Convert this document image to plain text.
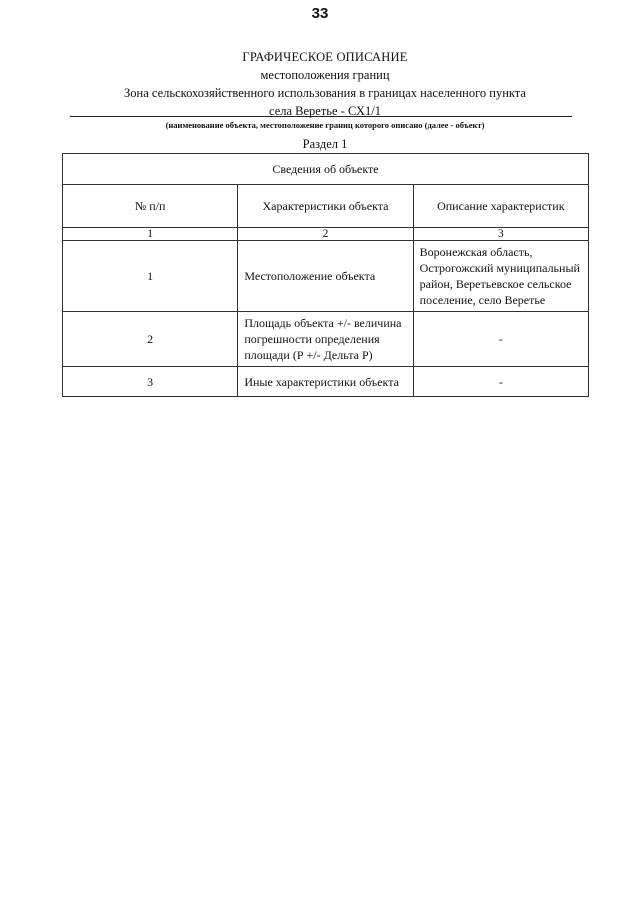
33
ГРАФИЧЕСКОЕ ОПИСАНИЕ
местоположения границ
Зона сельскохозяйственного использования в границах населенного пункта
села Веретье - СХ1/1
(наименование объекта, местоположение границ которого описано (далее - объект)
Раздел 1
Сведения об объекте		
№ п/п	Характеристики объекта	Описание характеристик
1	2	3
1	Местоположение объекта	Воронежская область, Острогожский муниципальный район, Веретьевское сельское поселение, село Веретье
2	Площадь объекта +/- величина погрешности определения площади (Р +/- Дельта Р)	-
3	Иные характеристики объекта	-
